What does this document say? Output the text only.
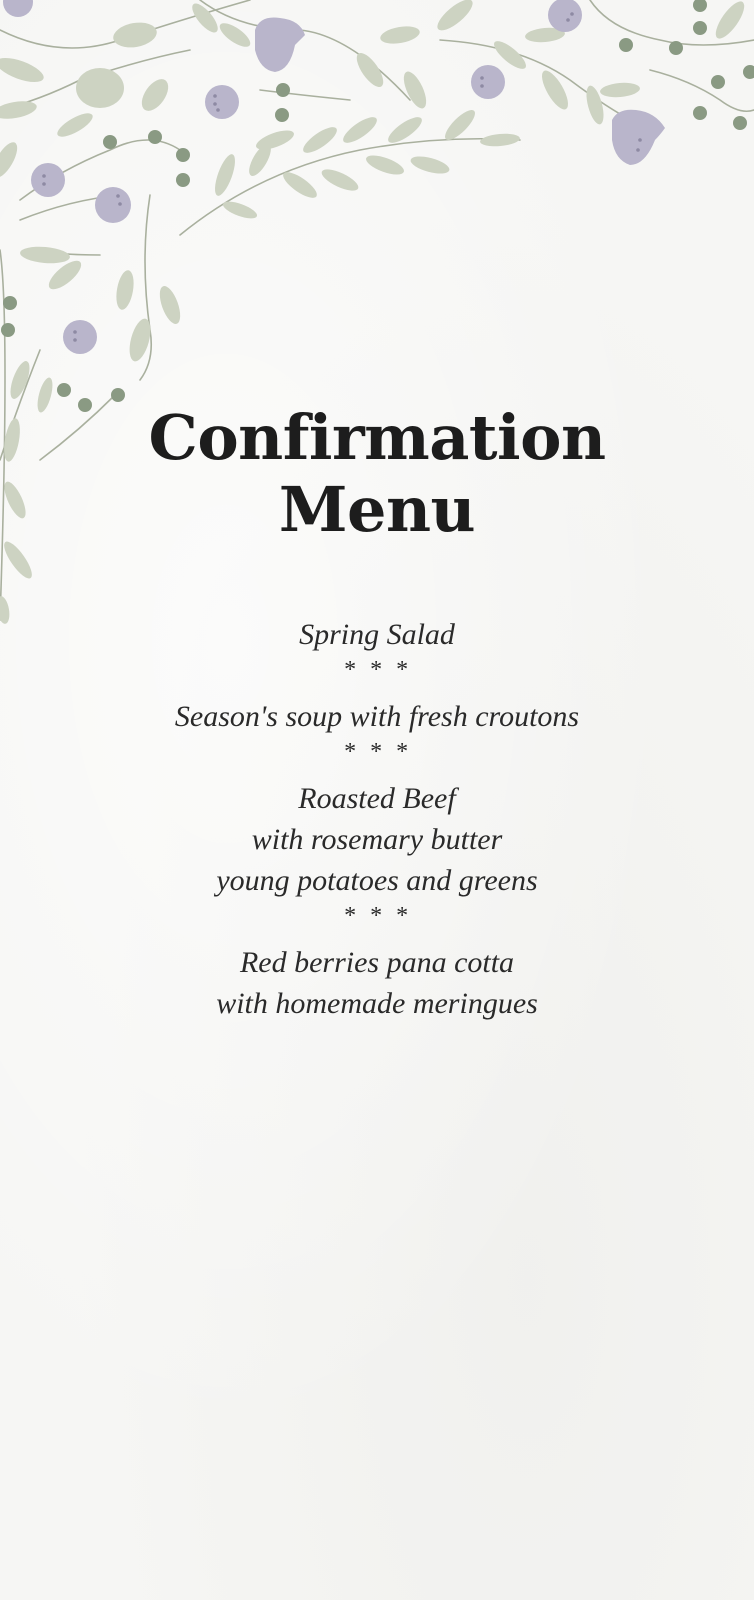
Confirmation
Menu
Spring Salad
* * *
Season's soup with fresh croutons
* * *
Roasted Beef
with rosemary butter
young potatoes and greens
* * *
Red berries pana cotta
with homemade meringues
